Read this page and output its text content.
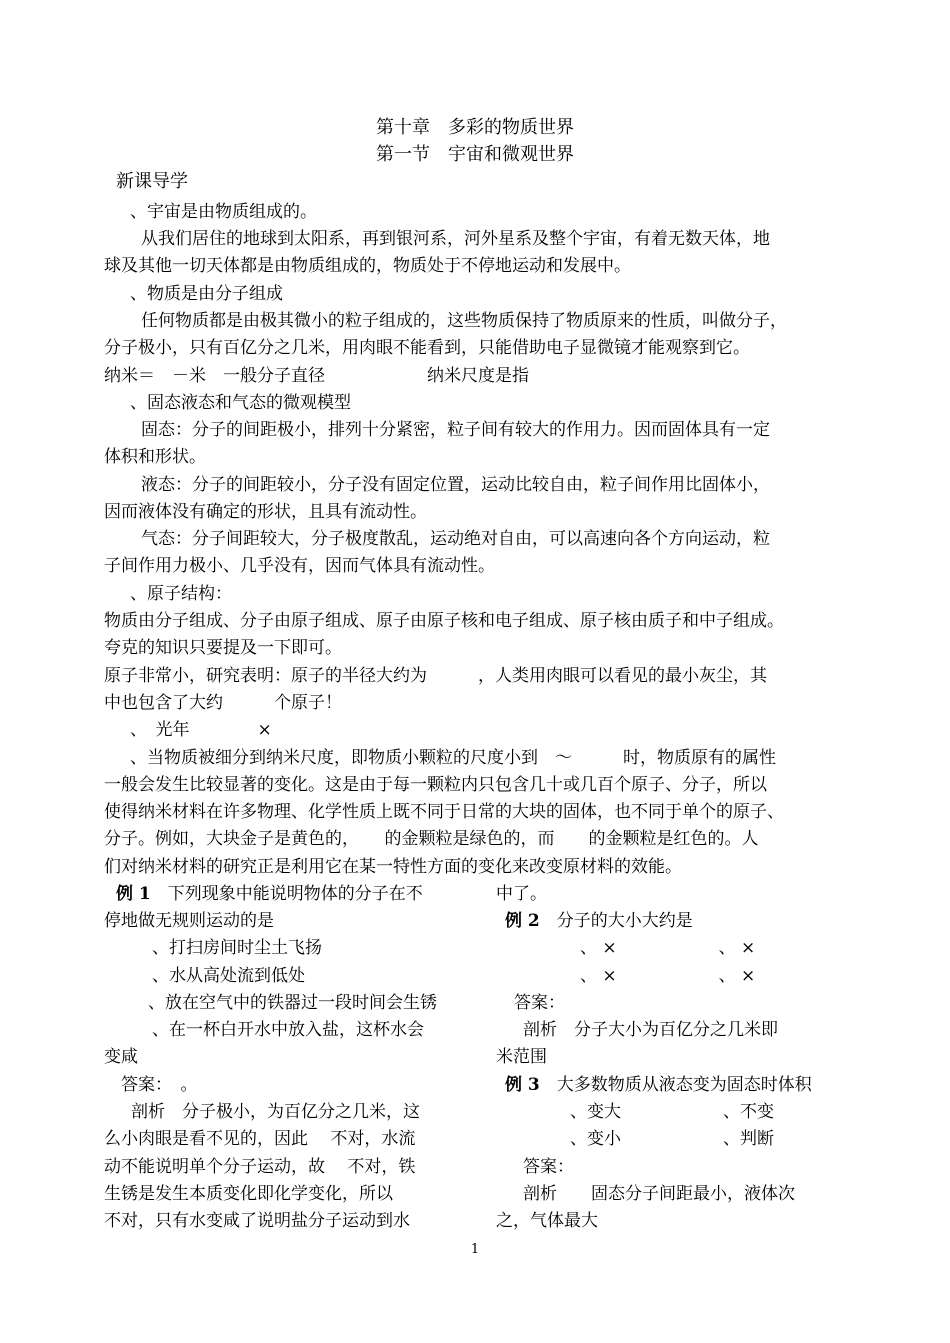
第十章　多彩的物质世界
第一节　宇宙和微观世界
新课导学
、宇宙是由物质组成的。
从我们居住的地球到太阳系，再到银河系，河外星系及整个宇宙，有着无数天体，地
球及其他一切天体都是由物质组成的，物质处于不停地运动和发展中。
、物质是由分子组成
任何物质都是由极其微小的粒子组成的，这些物质保持了物质原来的性质，叫做分子，
分子极小，只有百亿分之几米，用肉眼不能看到，只能借助电子显微镜才能观察到它。
纳米＝　－米　一般分子直径　　　　　　纳米尺度是指
、固态液态和气态的微观模型
固态：分子的间距极小，排列十分紧密，粒子间有较大的作用力。因而固体具有一定
体积和形状。
液态：分子的间距较小，分子没有固定位置，运动比较自由，粒子间作用比固体小，
因而液体没有确定的形状，且具有流动性。
气态：分子间距较大，分子极度散乱，运动绝对自由，可以高速向各个方向运动，粒
子间作用力极小、几乎没有，因而气体具有流动性。
、原子结构：
物质由分子组成、分子由原子组成、原子由原子核和电子组成、原子核由质子和中子组成。
夸克的知识只要提及一下即可。
原子非常小，研究表明：原子的半径大约为　　　，人类用肉眼可以看见的最小灰尘，其
中也包含了大约　　　个原子！
、　光年　　　　×
、当物质被细分到纳米尺度，即物质小颗粒的尺度小到　～　　　时，物质原有的属性
一般会发生比较显著的变化。这是由于每一颗粒内只包含几十或几百个原子、分子，所以
使得纳米材料在许多物理、化学性质上既不同于日常的大块的固体，也不同于单个的原子、
分子。例如，大块金子是黄色的，　　的金颗粒是绿色的，而　　的金颗粒是红色的。人
们对纳米材料的研究正是利用它在某一特性方面的变化来改变原材料的效能。
例 1　下列现象中能说明物体的分子在不
停地做无规则运动的是
、打扫房间时尘土飞扬
、水从高处流到低处
、放在空气中的铁器过一段时间会生锈
、在一杯白开水中放入盐，这杯水会
变咸
答案：　。
剖析　分子极小，为百亿分之几米，这
么小肉眼是看不见的，因此　 不对，水流
动不能说明单个分子运动，故　 不对，铁
生锈是发生本质变化即化学变化，所以
不对，只有水变咸了说明盐分子运动到水
中了。
例 2　分子的大小大约是
、 ×　　　　　　、 ×
、 ×　　　　　　、 ×
答案：
剖析　分子大小为百亿分之几米即
米范围
例 3　大多数物质从液态变为固态时体积
、变大　　　　　　、不变
、变小　　　　　　、判断
答案：
剖析　　固态分子间距最小，液体次
之，气体最大
1
